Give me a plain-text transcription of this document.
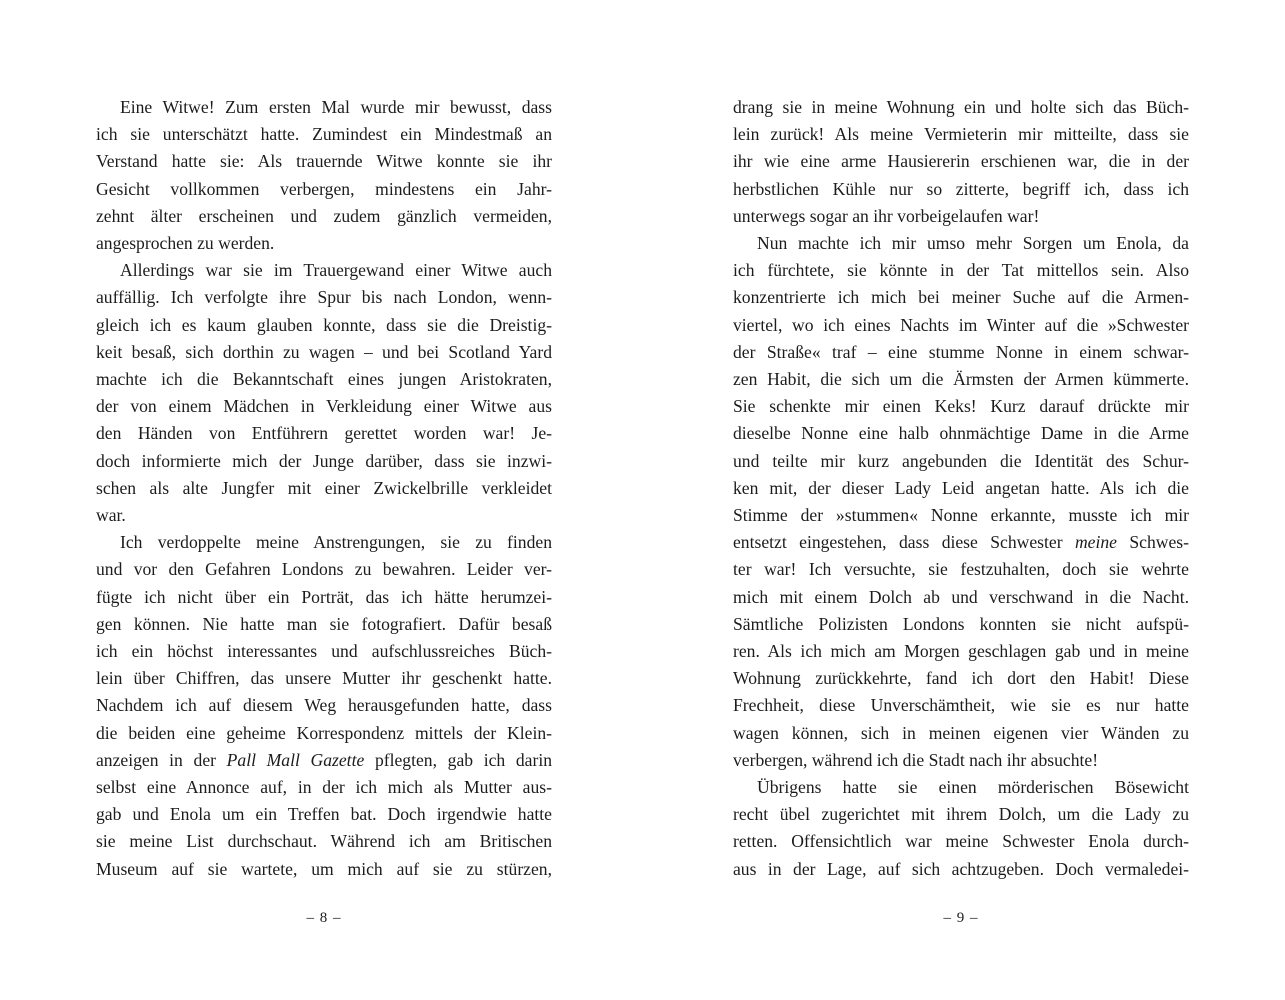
Eine Witwe! Zum ersten Mal wurde mir bewusst, dass
ich sie unterschätzt hatte. Zumindest ein Mindestmaß an
Verstand hatte sie: Als trauernde Witwe konnte sie ihr
Gesicht vollkommen verbergen, mindestens ein Jahr-
zehnt älter erscheinen und zudem gänzlich vermeiden,
angesprochen zu werden.

Allerdings war sie im Trauergewand einer Witwe auch
auffällig. Ich verfolgte ihre Spur bis nach London, wenn-
gleich ich es kaum glauben konnte, dass sie die Dreistig-
keit besaß, sich dorthin zu wagen – und bei Scotland Yard
machte ich die Bekanntschaft eines jungen Aristokraten,
der von einem Mädchen in Verkleidung einer Witwe aus
den Händen von Entführern gerettet worden war! Je-
doch informierte mich der Junge darüber, dass sie inzwi-
schen als alte Jungfer mit einer Zwickelbrille verkleidet
war.

Ich verdoppelte meine Anstrengungen, sie zu finden
und vor den Gefahren Londons zu bewahren. Leider ver-
fügte ich nicht über ein Porträt, das ich hätte herumzei-
gen können. Nie hatte man sie fotografiert. Dafür besaß
ich ein höchst interessantes und aufschlussreiches Büch-
lein über Chiffren, das unsere Mutter ihr geschenkt hatte.
Nachdem ich auf diesem Weg herausgefunden hatte, dass
die beiden eine geheime Korrespondenz mittels der Klein-
anzeigen in der Pall Mall Gazette pflegten, gab ich darin
selbst eine Annonce auf, in der ich mich als Mutter aus-
gab und Enola um ein Treffen bat. Doch irgendwie hatte
sie meine List durchschaut. Während ich am Britischen
Museum auf sie wartete, um mich auf sie zu stürzen,

– 8 –

drang sie in meine Wohnung ein und holte sich das Büch-
lein zurück! Als meine Vermieterin mir mitteilte, dass sie
ihr wie eine arme Hausiererin erschienen war, die in der
herbstlichen Kühle nur so zitterte, begriff ich, dass ich
unterwegs sogar an ihr vorbeigelaufen war!

Nun machte ich mir umso mehr Sorgen um Enola, da
ich fürchtete, sie könnte in der Tat mittellos sein. Also
konzentrierte ich mich bei meiner Suche auf die Armen-
viertel, wo ich eines Nachts im Winter auf die »Schwester
der Straße« traf – eine stumme Nonne in einem schwar-
zen Habit, die sich um die Ärmsten der Armen kümmerte.
Sie schenkte mir einen Keks! Kurz darauf drückte mir
dieselbe Nonne eine halb ohnmächtige Dame in die Arme
und teilte mir kurz angebunden die Identität des Schur-
ken mit, der dieser Lady Leid angetan hatte. Als ich die
Stimme der »stummen« Nonne erkannte, musste ich mir
entsetzt eingestehen, dass diese Schwester meine Schwes-
ter war! Ich versuchte, sie festzuhalten, doch sie wehrte
mich mit einem Dolch ab und verschwand in die Nacht.
Sämtliche Polizisten Londons konnten sie nicht aufspü-
ren. Als ich mich am Morgen geschlagen gab und in meine
Wohnung zurückkehrte, fand ich dort den Habit! Diese
Frechheit, diese Unverschämtheit, wie sie es nur hatte
wagen können, sich in meinen eigenen vier Wänden zu
verbergen, während ich die Stadt nach ihr absuchte!

Übrigens hatte sie einen mörderischen Bösewicht
recht übel zugerichtet mit ihrem Dolch, um die Lady zu
retten. Offensichtlich war meine Schwester Enola durch-
aus in der Lage, auf sich achtzugeben. Doch vermaledei-

– 9 –
